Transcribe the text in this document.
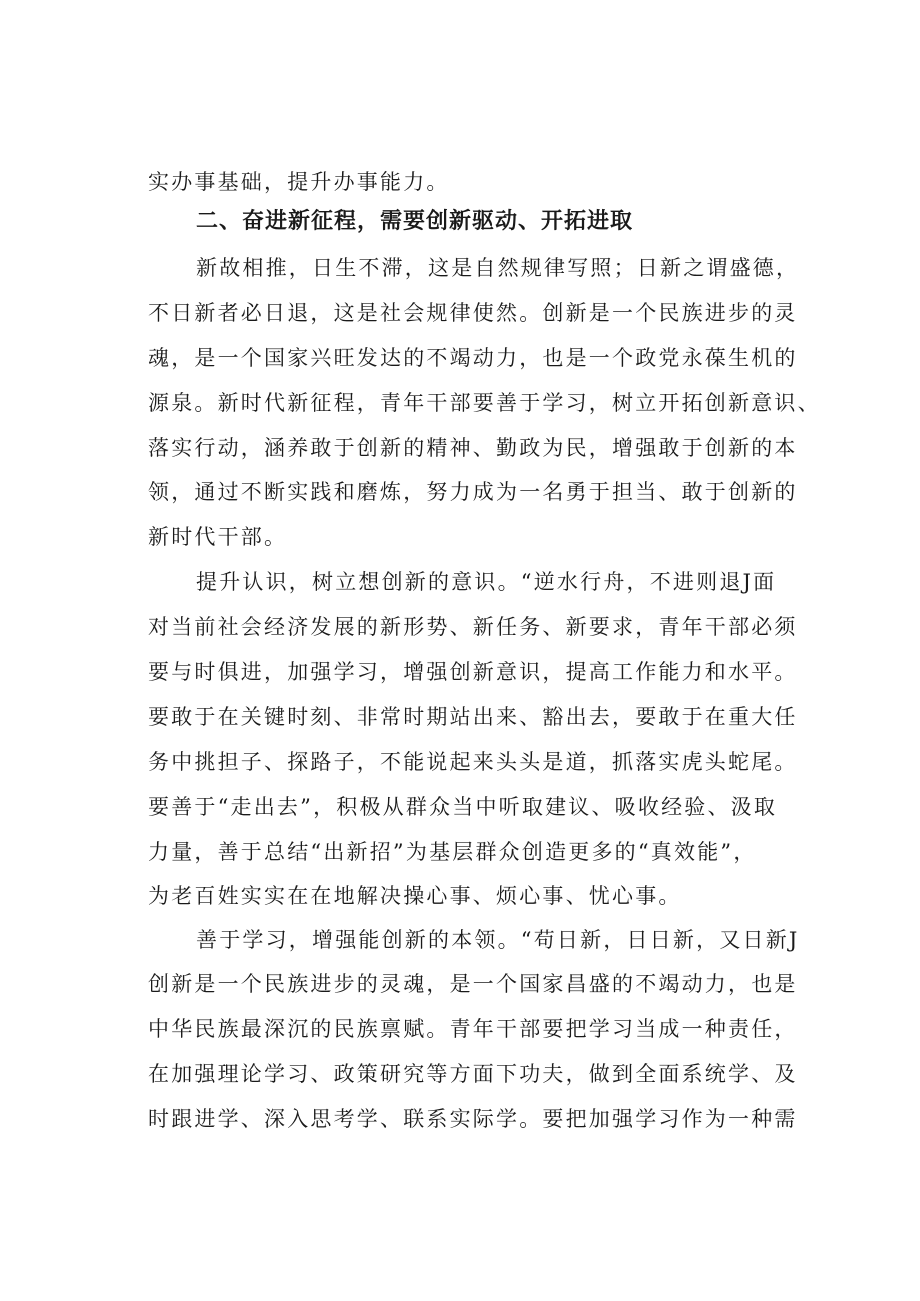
实办事基础，提升办事能力。
二、奋进新征程，需要创新驱动、开拓进取
新故相推，日生不滞，这是自然规律写照；日新之谓盛德，
不日新者必日退，这是社会规律使然。创新是一个民族进步的灵
魂，是一个国家兴旺发达的不竭动力，也是一个政党永葆生机的
源泉。新时代新征程，青年干部要善于学习，树立开拓创新意识、
落实行动，涵养敢于创新的精神、勤政为民，增强敢于创新的本
领，通过不断实践和磨炼，努力成为一名勇于担当、敢于创新的
新时代干部。
提升认识，树立想创新的意识。“逆水行舟，不进则退J面
对当前社会经济发展的新形势、新任务、新要求，青年干部必须
要与时俱进，加强学习，增强创新意识，提高工作能力和水平。
要敢于在关键时刻、非常时期站出来、豁出去，要敢于在重大任
务中挑担子、探路子，不能说起来头头是道，抓落实虎头蛇尾。
要善于“走出去”，积极从群众当中听取建议、吸收经验、汲取
力量，善于总结“出新招”为基层群众创造更多的“真效能”，
为老百姓实实在在地解决操心事、烦心事、忧心事。
善于学习，增强能创新的本领。“苟日新，日日新，又日新J
创新是一个民族进步的灵魂，是一个国家昌盛的不竭动力，也是
中华民族最深沉的民族禀赋。青年干部要把学习当成一种责任，
在加强理论学习、政策研究等方面下功夫，做到全面系统学、及
时跟进学、深入思考学、联系实际学。要把加强学习作为一种需
